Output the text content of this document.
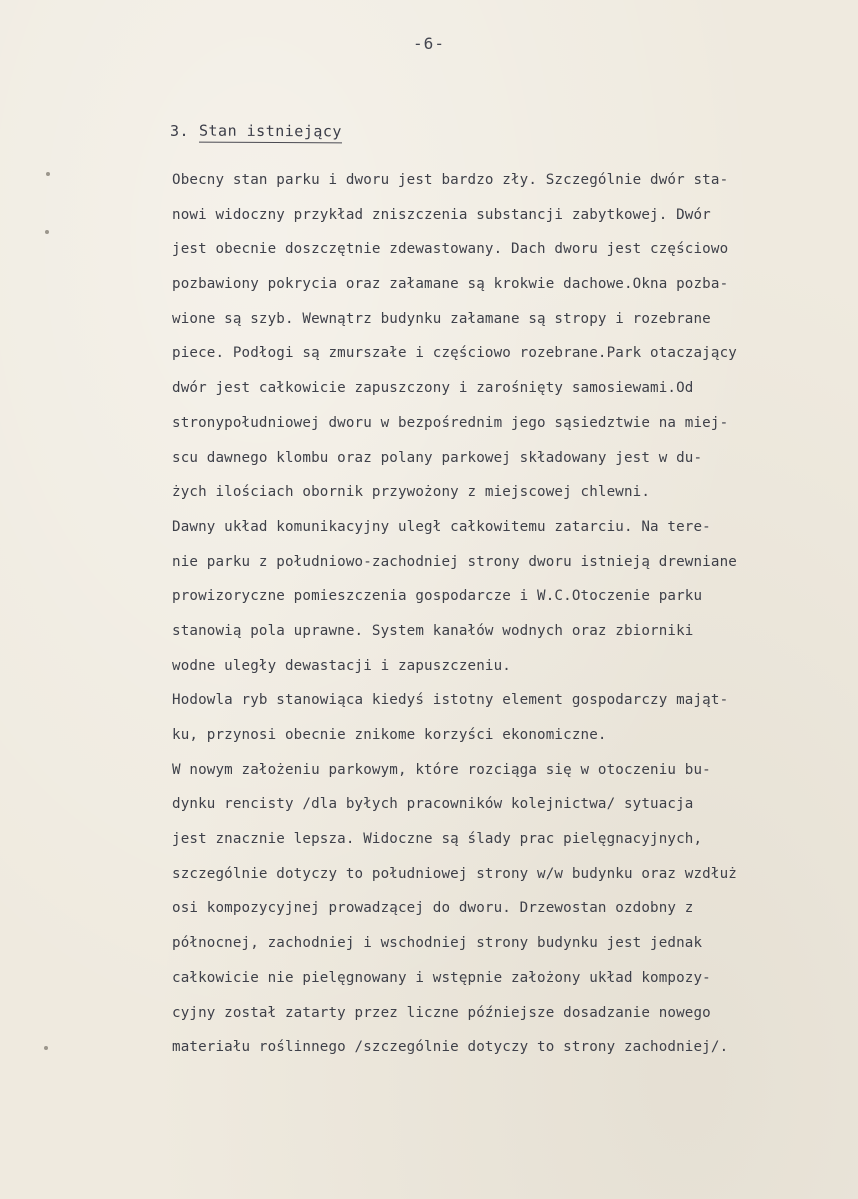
-6-
3. Stan istniejący
Obecny stan parku i dworu jest bardzo zły. Szczególnie dwór sta-
nowi widoczny przykład zniszczenia substancji zabytkowej. Dwór
jest obecnie doszczętnie zdewastowany. Dach dworu jest częściowo
pozbawiony pokrycia oraz załamane są krokwie dachowe.Okna pozba-
wione są szyb. Wewnątrz budynku załamane są stropy i rozebrane
piece. Podłogi są zmurszałe i częściowo rozebrane.Park otaczający
dwór jest całkowicie zapuszczony i zarośnięty samosiewami.Od
stronypołudniowej dworu w bezpośrednim jego sąsiedztwie na miej-
scu dawnego klombu oraz polany parkowej składowany jest w du-
żych ilościach obornik przywożony z miejscowej chlewni.
Dawny układ komunikacyjny uległ całkowitemu zatarciu. Na tere-
nie parku z południowo-zachodniej strony dworu istnieją drewniane
prowizoryczne pomieszczenia gospodarcze i W.C.Otoczenie parku
stanowią pola uprawne. System kanałów wodnych oraz zbiorniki
wodne uległy dewastacji i zapuszczeniu.
Hodowla ryb stanowiąca kiedyś istotny element gospodarczy mająt-
ku, przynosi obecnie znikome korzyści ekonomiczne.
W nowym założeniu parkowym, które rozciąga się w otoczeniu bu-
dynku rencisty /dla byłych pracowników kolejnictwa/ sytuacja
jest znacznie lepsza. Widoczne są ślady prac pielęgnacyjnych,
szczególnie dotyczy to południowej strony w/w budynku oraz wzdłuż
osi kompozycyjnej prowadzącej do dworu. Drzewostan ozdobny z
północnej, zachodniej i wschodniej strony budynku jest jednak
całkowicie nie pielęgnowany i wstępnie założony układ kompozy-
cyjny został zatarty przez liczne późniejsze dosadzanie nowego
materiału roślinnego /szczególnie dotyczy to strony zachodniej/.
